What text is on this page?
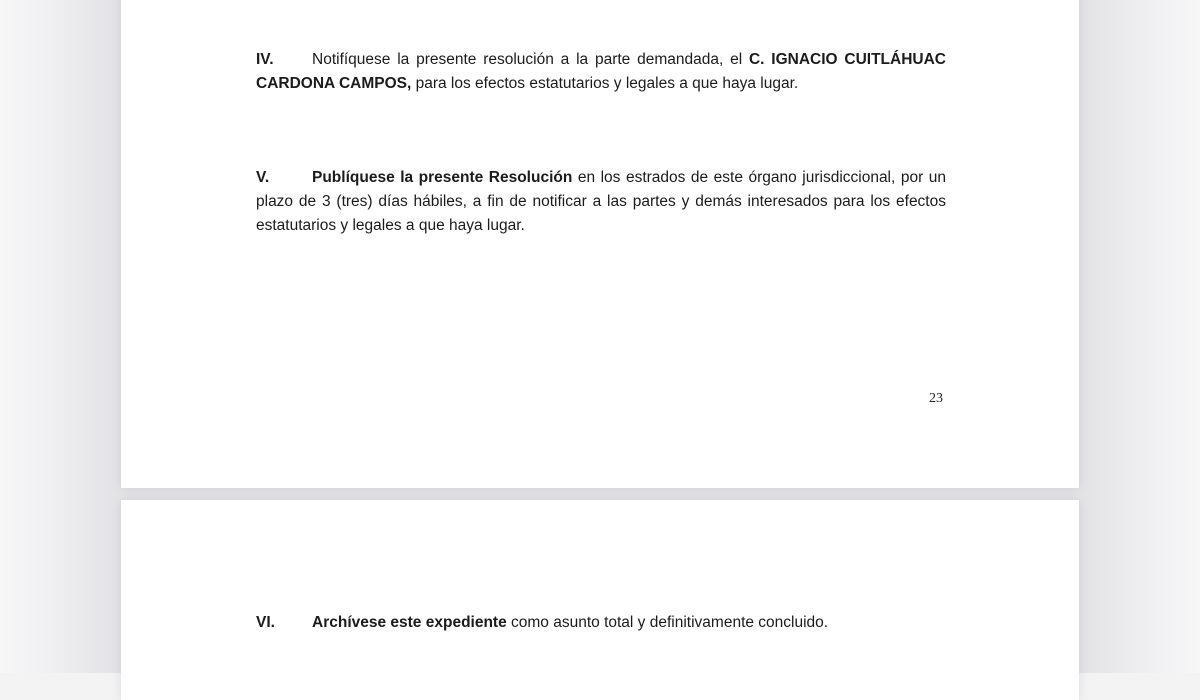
IV. Notifíquese la presente resolución a la parte demandada, el C. IGNACIO CUITLÁHUAC CARDONA CAMPOS, para los efectos estatutarios y legales a que haya lugar.
V.	Publíquese la presente Resolución en los estrados de este órgano jurisdiccional, por un plazo de 3 (tres) días hábiles, a fin de notificar a las partes y demás interesados para los efectos estatutarios y legales a que haya lugar.
23
VI. Archívese este expediente como asunto total y definitivamente concluido.
